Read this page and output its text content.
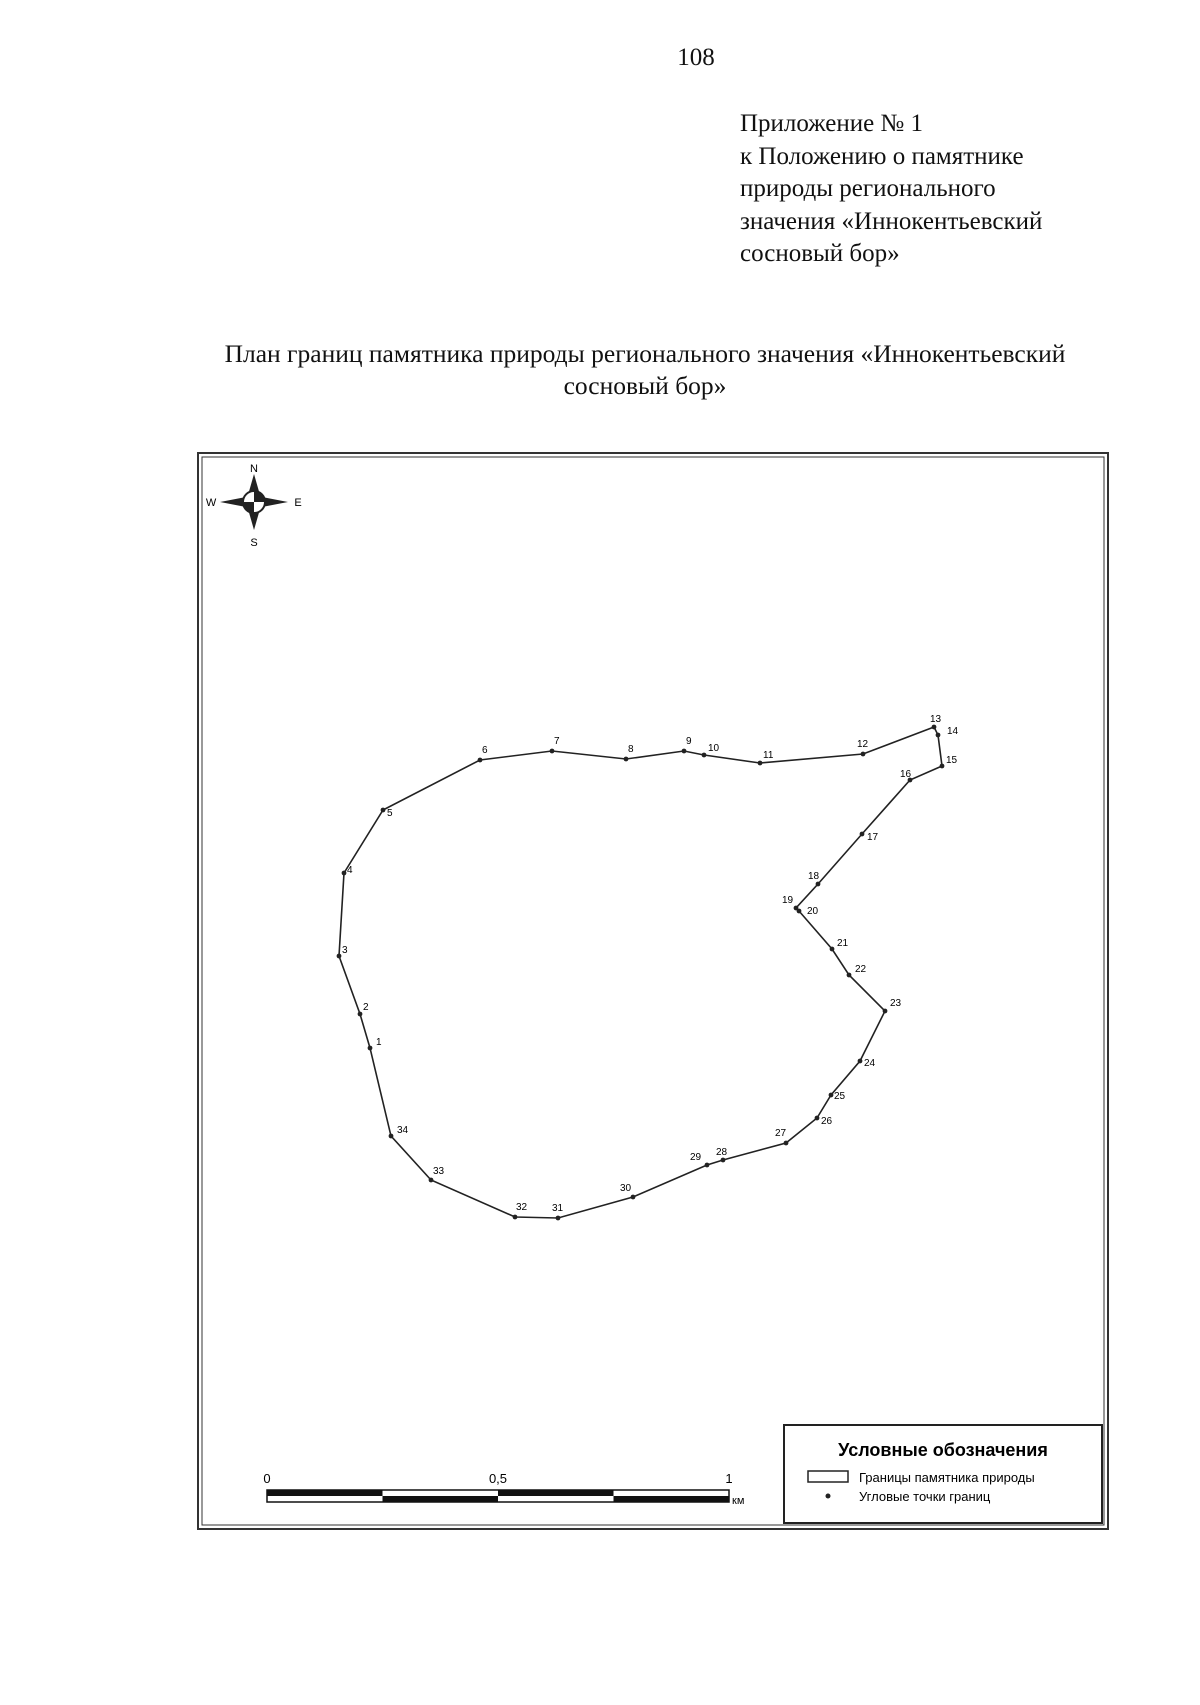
108
Приложение № 1
к Положению о памятнике
природы регионального
значения «Иннокентьевский
сосновый бор»
План границ памятника природы регионального значения «Иннокентьевский
сосновый бор»
N
S
E
W
1
2
3
4
5
6
7
8
9
10
11
12
13
14
15
16
17
18
19
20
21
22
23
24
25
26
27
28
29
30
31
32
33
34
0	0,5	1
км
Условные обозначения
Границы памятника природы
Угловые точки границ
